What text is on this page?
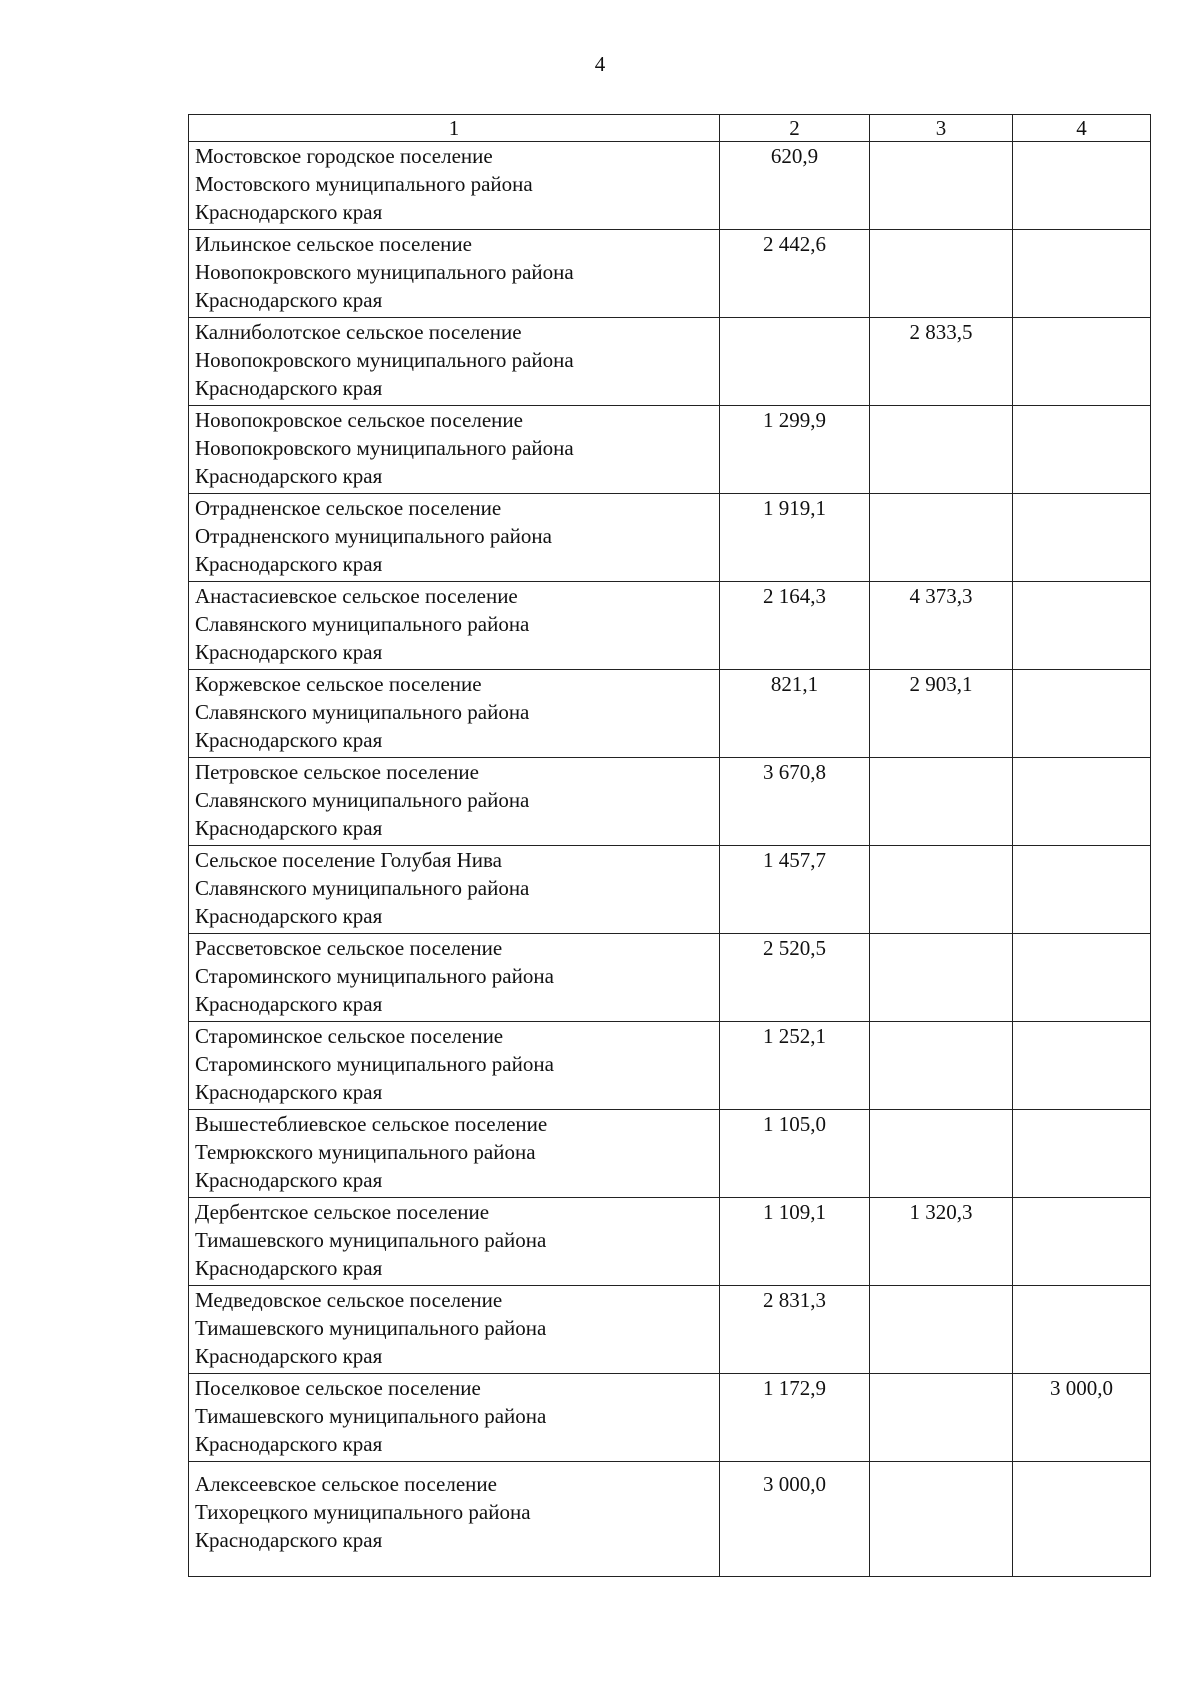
4
1	2	3	4

Мостовское городское поселение
Мостовского муниципального района
Краснодарского края	620,9		

Ильинское сельское поселение
Новопокровского муниципального района
Краснодарского края	2 442,6		

Калниболотское сельское поселение
Новопокровского муниципального района
Краснодарского края		2 833,5	

Новопокровское сельское поселение
Новопокровского муниципального района
Краснодарского края	1 299,9		

Отрадненское сельское поселение
Отрадненского муниципального района
Краснодарского края	1 919,1		

Анастасиевское сельское поселение
Славянского муниципального района
Краснодарского края	2 164,3	4 373,3	

Коржевское сельское поселение
Славянского муниципального района
Краснодарского края	821,1	2 903,1	

Петровское сельское поселение
Славянского муниципального района
Краснодарского края	3 670,8		

Сельское поселение Голубая Нива
Славянского муниципального района
Краснодарского края	1 457,7		

Рассветовское сельское поселение
Староминского муниципального района
Краснодарского края	2 520,5		

Староминское сельское поселение
Староминского муниципального района
Краснодарского края	1 252,1		

Вышестеблиевское сельское поселение
Темрюкского муниципального района
Краснодарского края	1 105,0		

Дербентское сельское поселение
Тимашевского муниципального района
Краснодарского края	1 109,1	1 320,3	

Медведовское сельское поселение
Тимашевского муниципального района
Краснодарского края	2 831,3		

Поселковое сельское поселение
Тимашевского муниципального района
Краснодарского края	1 172,9		3 000,0

Алексеевское сельское поселение
Тихорецкого муниципального района
Краснодарского края	3 000,0		
